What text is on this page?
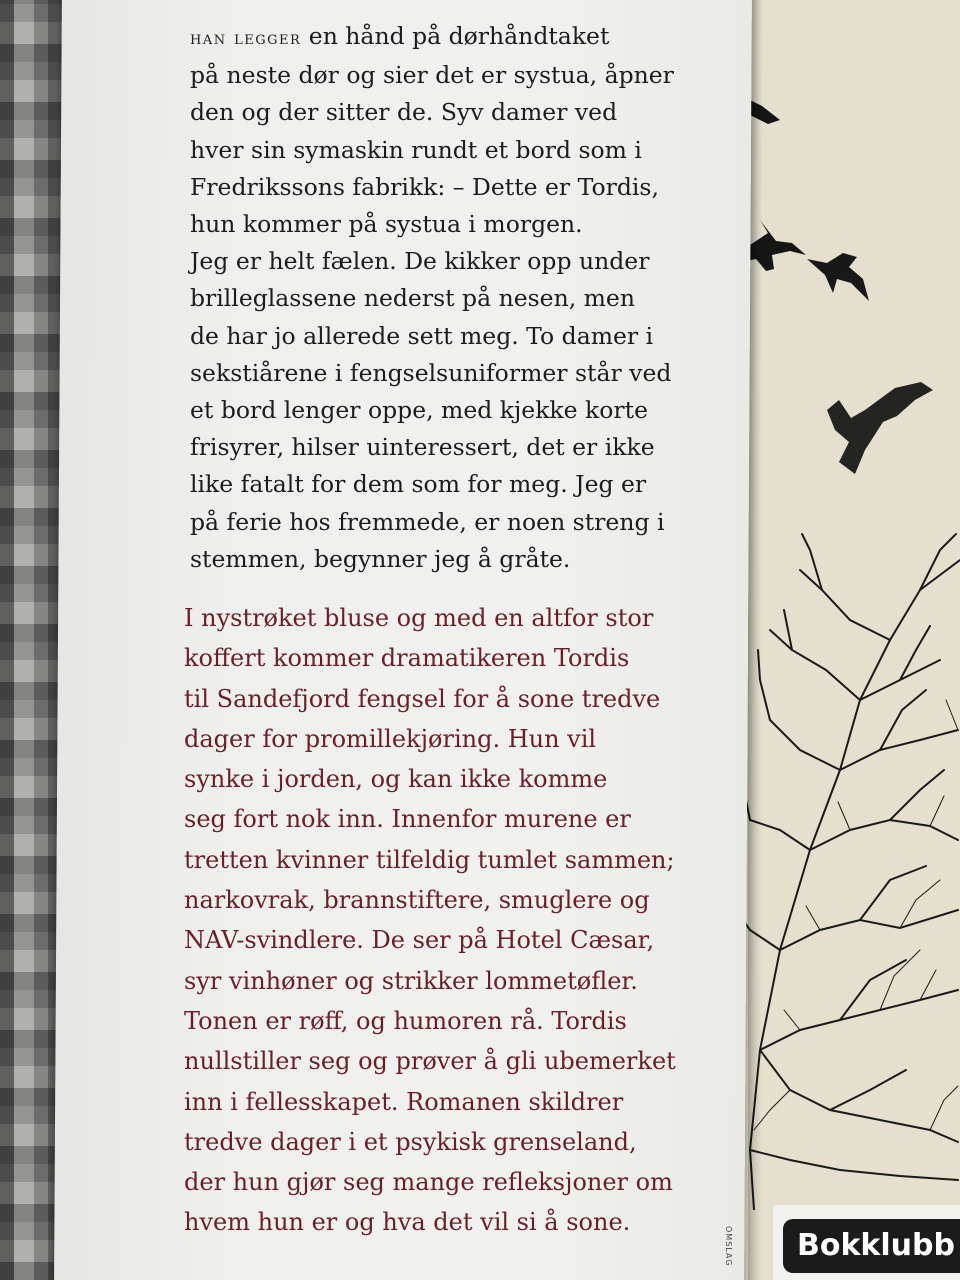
han legger en hånd på dørhåndtaket
på neste dør og sier det er systua, åpner
den og der sitter de. Syv damer ved
hver sin symaskin rundt et bord som i
Fredrikssons fabrikk: – Dette er Tordis,
hun kommer på systua i morgen.
Jeg er helt fælen. De kikker opp under
brilleglassene nederst på nesen, men
de har jo allerede sett meg. To damer i
sekstiårene i fengselsuniformer står ved
et bord lenger oppe, med kjekke korte
frisyrer, hilser uinteressert, det er ikke
like fatalt for dem som for meg. Jeg er
på ferie hos fremmede, er noen streng i
stemmen, begynner jeg å gråte.

I nystrøket bluse og med en altfor stor
koffert kommer dramatikeren Tordis
til Sandefjord fengsel for å sone tredve
dager for promillekjøring. Hun vil
synke i jorden, og kan ikke komme
seg fort nok inn. Innenfor murene er
tretten kvinner tilfeldig tumlet sammen;
narkovrak, brannstiftere, smuglere og
NAV-svindlere. De ser på Hotel Cæsar,
syr vinhøner og strikker lommetøfler.
Tonen er røff, og humoren rå. Tordis
nullstiller seg og prøver å gli ubemerket
inn i fellesskapet. Romanen skildrer
tredve dager i et psykisk grenseland,
der hun gjør seg mange refleksjoner om
hvem hun er og hva det vil si å sone.

OMSLAG	Bokklubb
